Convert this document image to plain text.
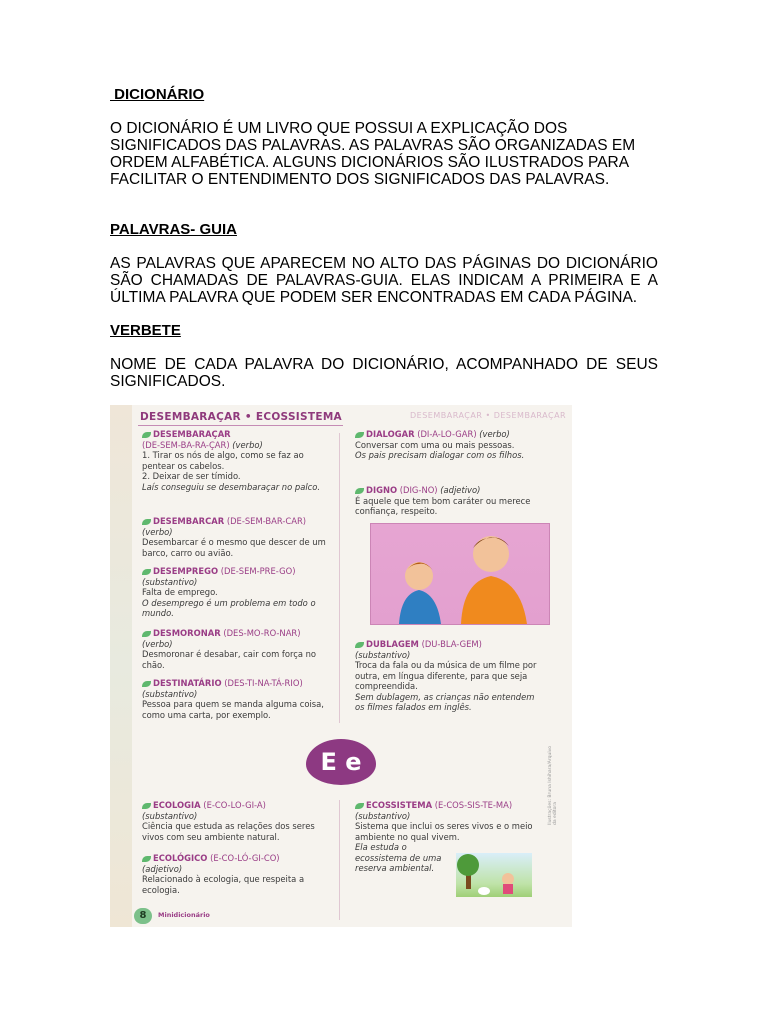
DICIONÁRIO

O DICIONÁRIO É UM LIVRO QUE POSSUI A EXPLICAÇÃO DOS SIGNIFICADOS DAS PALAVRAS. AS PALAVRAS SÃO ORGANIZADAS EM ORDEM ALFABÉTICA. ALGUNS DICIONÁRIOS SÃO ILUSTRADOS PARA FACILITAR O ENTENDIMENTO DOS SIGNIFICADOS DAS PALAVRAS.

PALAVRAS- GUIA

AS PALAVRAS QUE APARECEM NO ALTO DAS PÁGINAS DO DICIONÁRIO SÃO CHAMADAS DE PALAVRAS-GUIA. ELAS INDICAM A PRIMEIRA E A ÚLTIMA PALAVRA QUE PODEM SER ENCONTRADAS EM CADA PÁGINA.

VERBETE

NOME DE CADA PALAVRA DO DICIONÁRIO, ACOMPANHADO DE SEUS SIGNIFICADOS.

DESEMBARAÇAR • ECOSSISTEMA	DESEMBARAÇAR • DESEMBARAÇAR
DESEMBARAÇAR
(DE-SEM-BA-RA-ÇAR) (verbo)
1. Tirar os nós de algo, como se faz ao pentear os cabelos.
2. Deixar de ser tímido.
Laís conseguiu se desembaraçar no palco.
DESEMBARCAR (DE-SEM-BAR-CAR)
(verbo)
Desembarcar é o mesmo que descer de um barco, carro ou avião.
DESEMPREGO (DE-SEM-PRE-GO)
(substantivo)
Falta de emprego.
O desemprego é um problema em todo o mundo.
DESMORONAR (DES-MO-RO-NAR)
(verbo)
Desmoronar é desabar, cair com força no chão.
DESTINATÁRIO (DES-TI-NA-TÁ-RIO)
(substantivo)
Pessoa para quem se manda alguma coisa, como uma carta, por exemplo.
DIALOGAR (DI-A-LO-GAR) (verbo)
Conversar com uma ou mais pessoas.
Os pais precisam dialogar com os filhos.
DIGNO (DIG-NO) (adjetivo)
É aquele que tem bom caráter ou merece confiança, respeito.
DUBLAGEM (DU-BLA-GEM)
(substantivo)
Troca da fala ou da música de um filme por outra, em língua diferente, para que seja compreendida.
Sem dublagem, as crianças não entendem os filmes falados em inglês.
E e
ECOLOGIA (E-CO-LO-GI-A)
(substantivo)
Ciência que estuda as relações dos seres vivos com seu ambiente natural.
ECOLÓGICO (E-CO-LÓ-GI-CO)
(adjetivo)
Relacionado à ecologia, que respeita a ecologia.
ECOSSISTEMA (E-COS-SIS-TE-MA)
(substantivo)
Sistema que inclui os seres vivos e o meio ambiente no qual vivem.
Ela estuda o ecossistema de uma reserva ambiental.
Ilustrações: Bruna Ishihara/Arquivo da editora
8	Minidicionário
